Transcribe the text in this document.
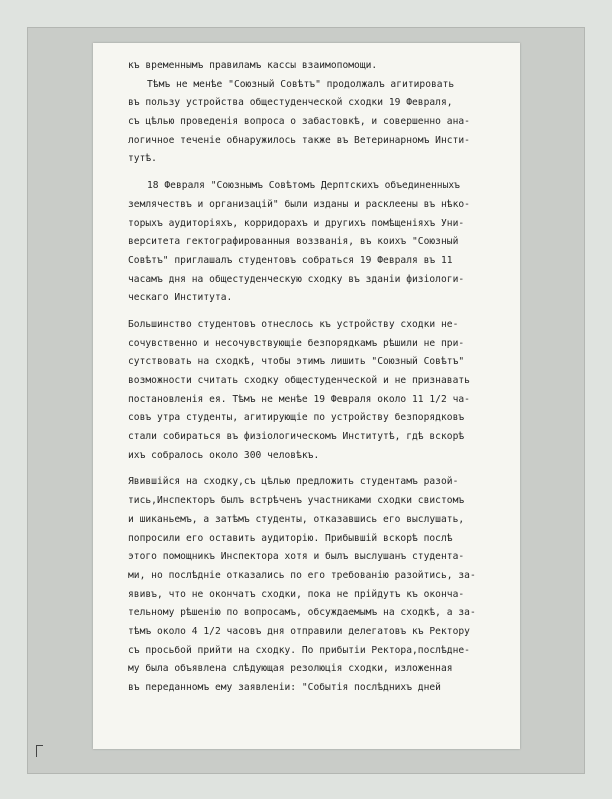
къ временнымъ правиламъ кассы взаимопомощи.
Тѣмъ не менѣе "Союзный Совѣтъ" продолжалъ агитировать
въ пользу устройства общестуденческой сходки 19 Февраля,
съ цѣлью проведенія вопроса о забастовкѣ, и совершенно ана-
логичное теченіе обнаружилось также въ Ветеринарномъ Инсти-
тутѣ.
18 Февраля "Союзнымъ Совѣтомъ Дерптскихъ объединенныхъ
землячествъ и организацій" были изданы и расклеены въ нѣко-
торыхъ аудиторіяхъ, корридорахъ и другихъ помѣщеніяхъ Уни-
верситета гектографированныя воззванія, въ коихъ "Союзный
Совѣтъ" приглашалъ студентовъ собраться 19 Февраля въ 11
часамъ дня на общестуденческую сходку въ зданіи физіологи-
ческаго Института.
Большинство студентовъ отнеслось къ устройству сходки не-
сочувственно и несочувствующіе безпорядкамъ рѣшили не при-
сутствовать на сходкѣ, чтобы этимъ лишить "Союзный Совѣтъ"
возможности считать сходку общестуденческой и не признавать
постановленія ея. Тѣмъ не менѣе 19 Февраля около 11 1/2 ча-
совъ утра студенты, агитирующіе по устройству безпорядковъ
стали собираться въ физіологическомъ Институтѣ, гдѣ вскорѣ
ихъ собралось около 300 человѣкъ.
Явившійся на сходку,съ цѣлью предложить студентамъ разой-
тись,Инспекторъ былъ встрѣченъ участниками сходки свистомъ
и шиканьемъ, а затѣмъ студенты, отказавшись его выслушать,
попросили его оставить аудиторію. Прибывшій вскорѣ послѣ
этого помощникъ Инспектора хотя и былъ выслушанъ студента-
ми, но послѣдніе отказались по его требованію разойтись, за-
явивъ, что не окончатъ сходки, пока не прійдутъ къ оконча-
тельному рѣшенію по вопросамъ, обсуждаемымъ на сходкѣ, а за-
тѣмъ около 4 1/2 часовъ дня отправили делегатовъ къ Ректору
съ просьбой прийти на сходку. По прибытіи Ректора,послѣдне-
му была объявлена слѣдующая резолюція сходки, изложенная
въ переданномъ ему заявленіи: "Событія послѣднихъ дней
